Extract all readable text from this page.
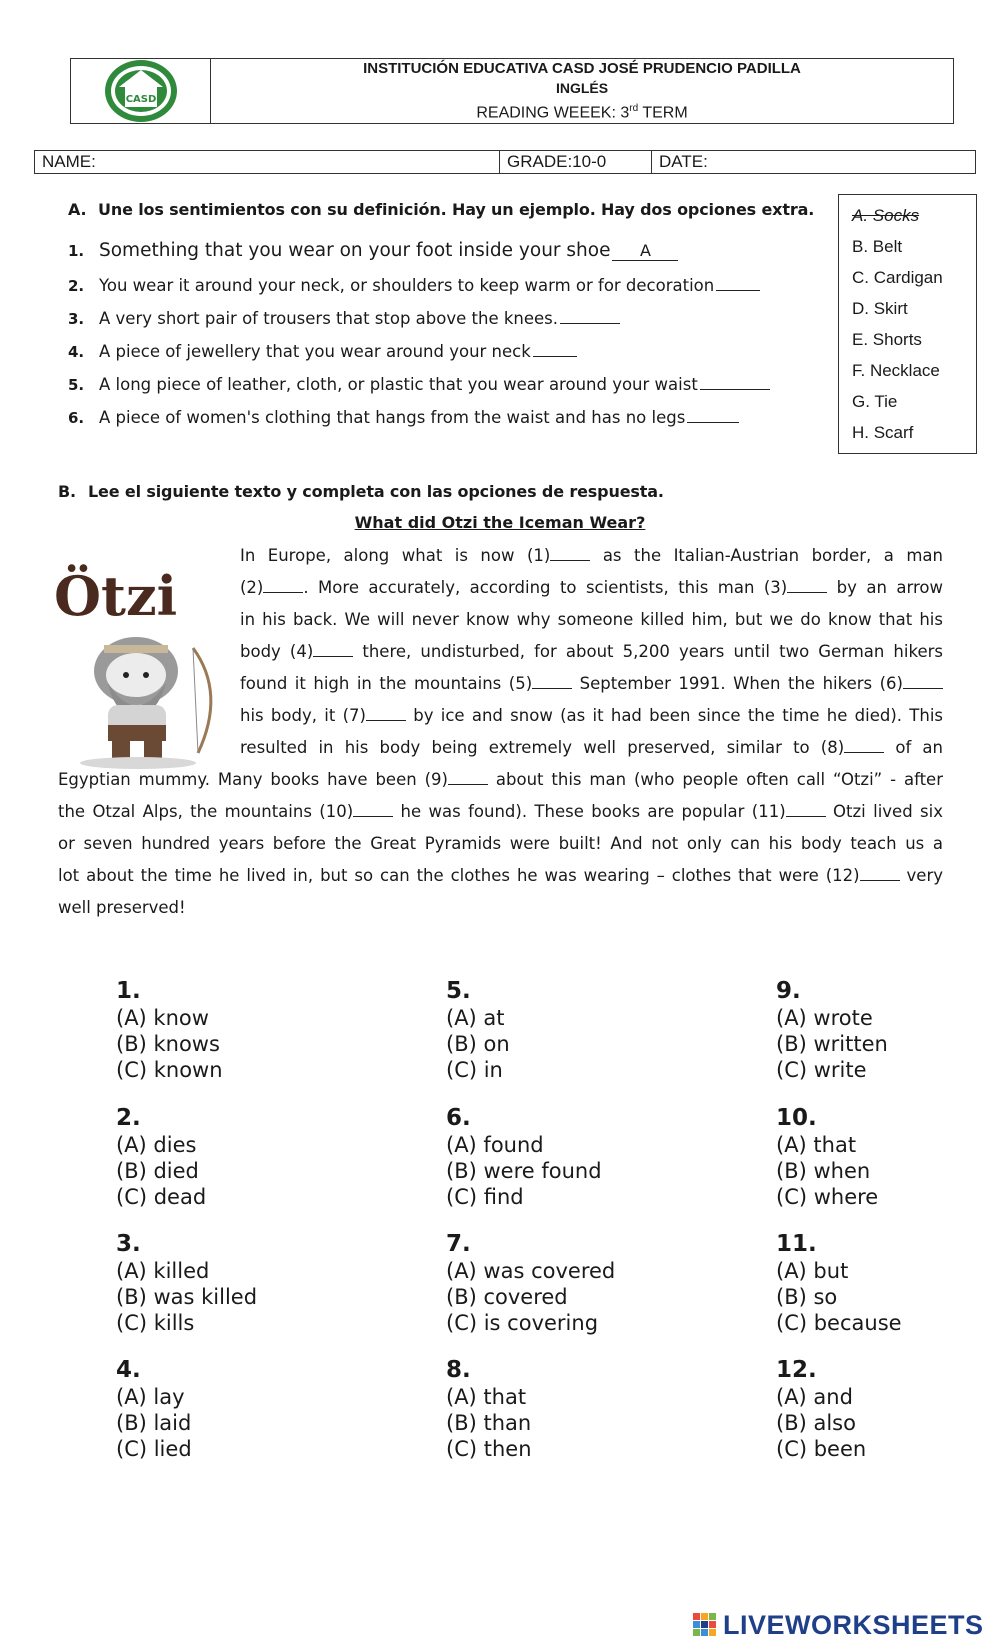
CASD
INSTITUCIÓN EDUCATIVA CASD JOSÉ PRUDENCIO PADILLA
INGLÉS
READING WEEEK: 3rd TERM
NAME:	GRADE:10-0	DATE:
A. Une los sentimientos con su definición. Hay un ejemplo. Hay dos opciones extra.
1. Something that you wear on your foot inside your shoe	A
2. You wear it around your neck, or shoulders to keep warm or for decoration
3. A very short pair of trousers that stop above the knees.
4. A piece of jewellery that you wear around your neck
5. A long piece of leather, cloth, or plastic that you wear around your waist
6. A piece of women's clothing that hangs from the waist and has no legs
A. Socks
B. Belt
C. Cardigan
D. Skirt
E. Shorts
F. Necklace
G. Tie
H. Scarf
B. Lee el siguiente texto y completa con las opciones de respuesta.
What did Otzi the Iceman Wear?
Ötzi
In Europe, along what is now (1) as the Italian-Austrian border, a man
(2) . More accurately, according to scientists, this man (3) by an arrow
in his back. We will never know why someone killed him, but we do know that his
body (4) there, undisturbed, for about 5,200 years until two German hikers
found it high in the mountains (5) September 1991. When the hikers (6)
his body, it (7) by ice and snow (as it had been since the time he died). This
resulted in his body being extremely well preserved, similar to (8) of an
Egyptian mummy. Many books have been (9) about this man (who people often call “Otzi” - after
the Otzal Alps, the mountains (10) he was found). These books are popular (11) Otzi lived six
or seven hundred years before the Great Pyramids were built! And not only can his body teach us a
lot about the time he lived in, but so can the clothes he was wearing – clothes that were (12) very
well preserved!
1.
(A) know
(B) knows
(C) known
2.
(A) dies
(B) died
(C) dead
3.
(A) killed
(B) was killed
(C) kills
4.
(A) lay
(B) laid
(C) lied
5.
(A) at
(B) on
(C) in
6.
(A) found
(B) were found
(C) find
7.
(A) was covered
(B) covered
(C) is covering
8.
(A) that
(B) than
(C) then
9.
(A) wrote
(B) written
(C) write
10.
(A) that
(B) when
(C) where
11.
(A) but
(B) so
(C) because
12.
(A) and
(B) also
(C) been
LIVEWORKSHEETS
